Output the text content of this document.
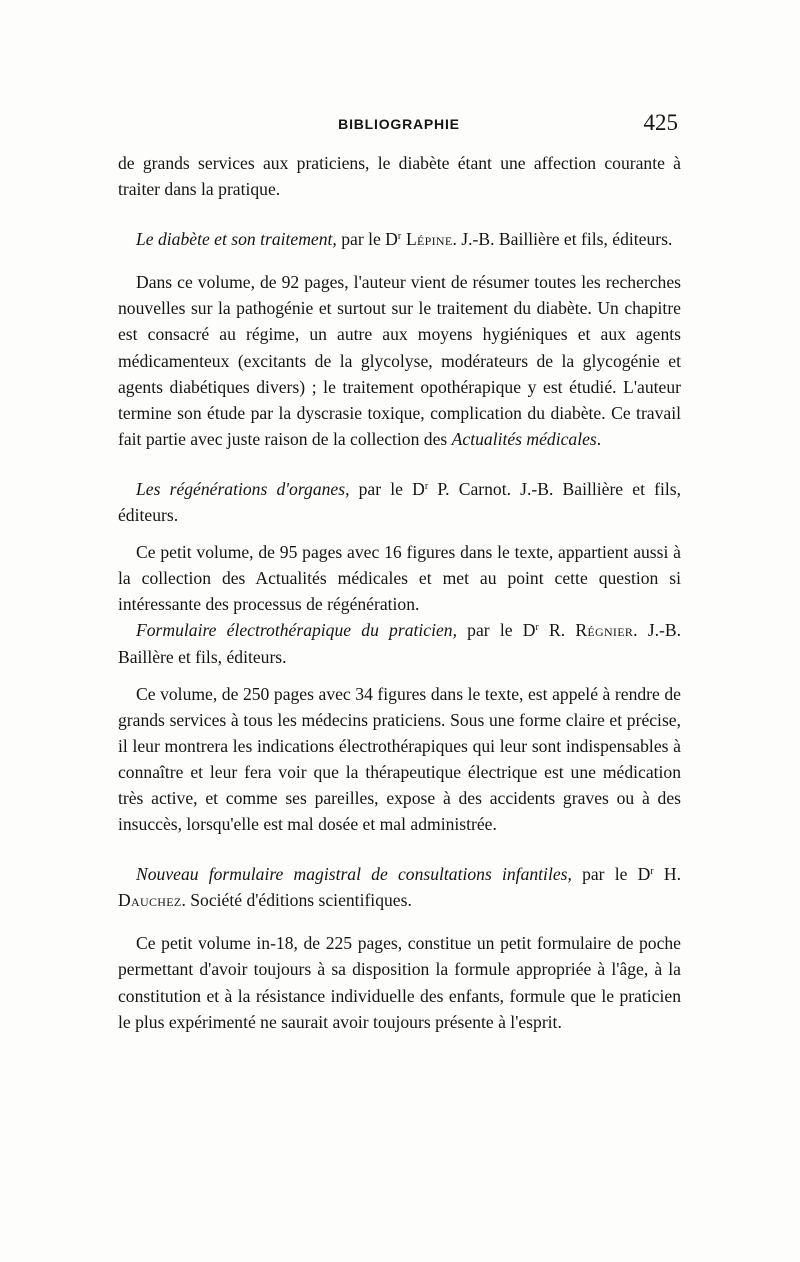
BIBLIOGRAPHIE	425

de grands services aux praticiens, le diabète étant une affection courante à traiter dans la pratique.

Le diabète et son traitement, par le $D^r$ Lépine. J.-B. Baillière et fils, éditeurs.

Dans ce volume, de 92 pages, l'auteur vient de résumer toutes les recherches nouvelles sur la pathogénie et surtout sur le traitement du diabète. Un chapitre est consacré au régime, un autre aux moyens hygiéniques et aux agents médicamenteux (excitants de la glycolyse, modérateurs de la glycogénie et agents diabétiques divers) ; le traitement opothérapique y est étudié. L'auteur termine son étude par la dyscrasie toxique, complication du diabète. Ce travail fait partie avec juste raison de la collection des Actualités médicales.

Les régénérations d'organes, par le $D^r$ P. Carnot. J.-B. Baillière et fils, éditeurs.

Ce petit volume, de 95 pages avec 16 figures dans le texte, appartient aussi à la collection des Actualités médicales et met au point cette question si intéressante des processus de régénération.

Formulaire électrothérapique du praticien, par le $D^r$ R. Régnier. J.-B. Baillère et fils, éditeurs.

Ce volume, de 250 pages avec 34 figures dans le texte, est appelé à rendre de grands services à tous les médecins praticiens. Sous une forme claire et précise, il leur montrera les indications électrothérapiques qui leur sont indispensables à connaître et leur fera voir que la thérapeutique électrique est une médication très active, et comme ses pareilles, expose à des accidents graves ou à des insuccès, lorsqu'elle est mal dosée et mal administrée.

Nouveau formulaire magistral de consultations infantiles, par le $D^r$ H. Dauchez. Société d'éditions scientifiques.

Ce petit volume in-18, de 225 pages, constitue un petit formulaire de poche permettant d'avoir toujours à sa disposition la formule appropriée à l'âge, à la constitution et à la résistance individuelle des enfants, formule que le praticien le plus expérimenté ne saurait avoir toujours présente à l'esprit.
